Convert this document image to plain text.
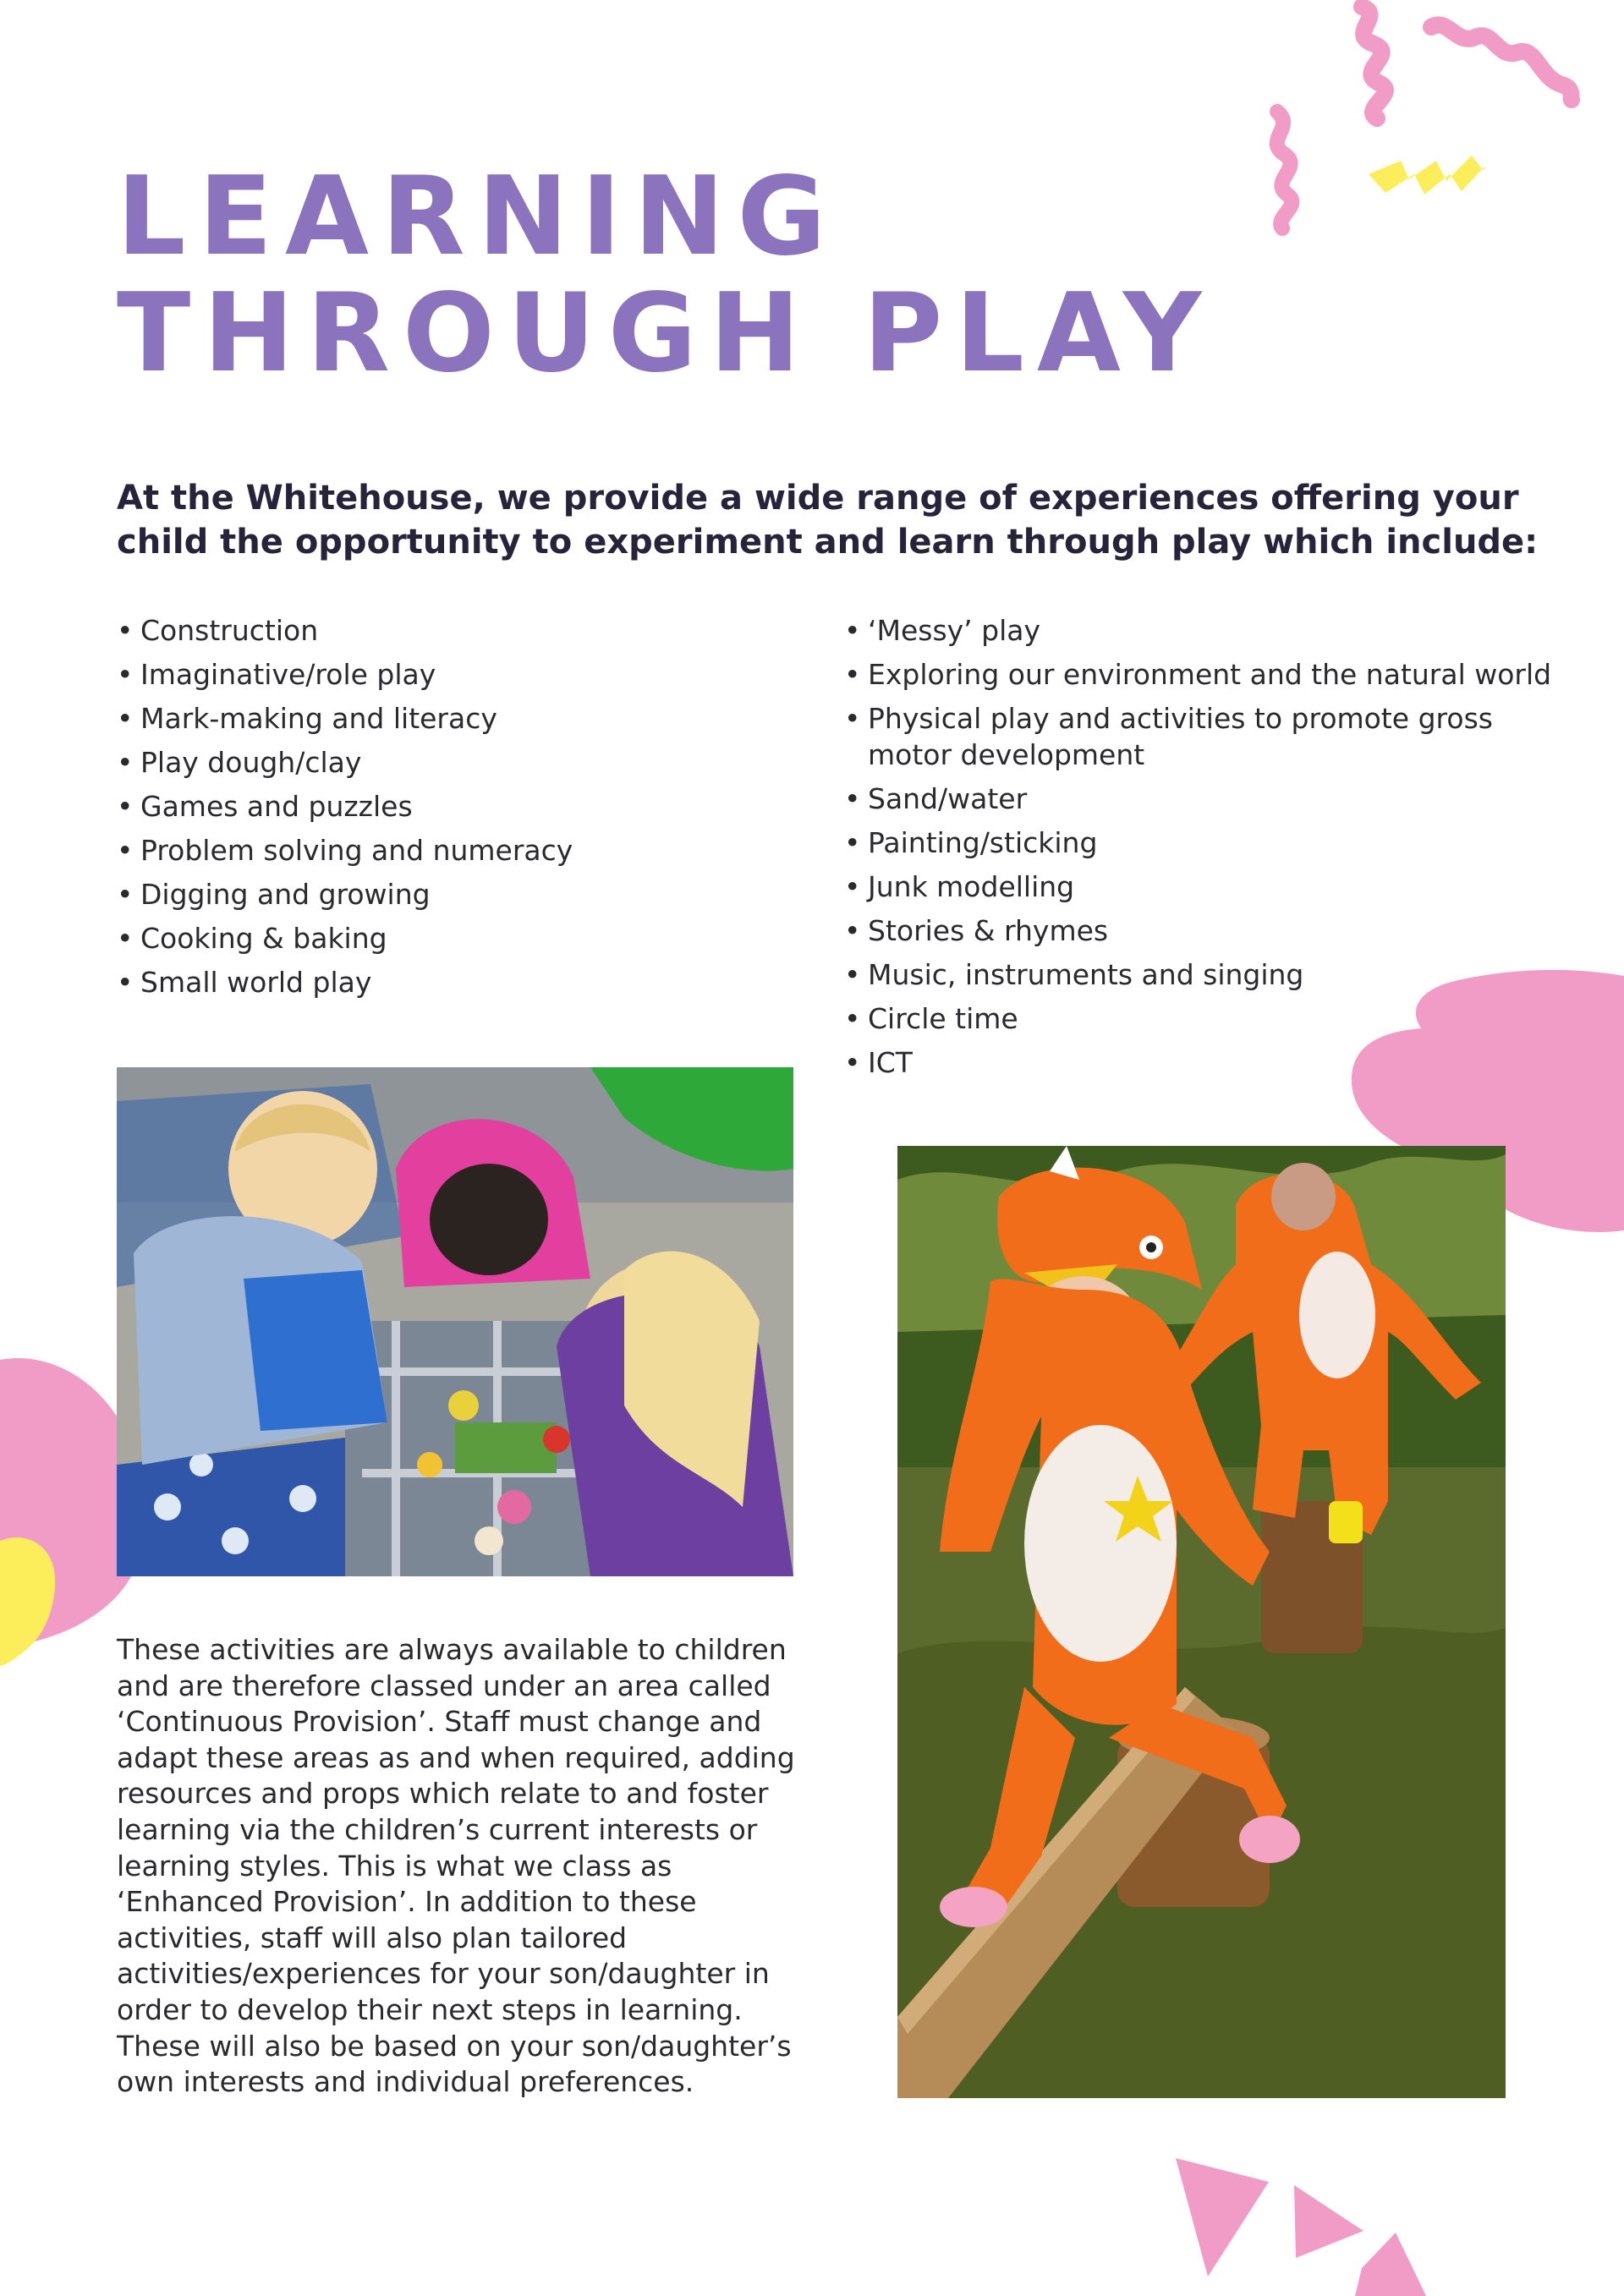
LEARNING
THROUGH PLAY

At the Whitehouse, we provide a wide range of experiences offering your child the opportunity to experiment and learn through play which include:

• Construction
• Imaginative/role play
• Mark-making and literacy
• Play dough/clay
• Games and puzzles
• Problem solving and numeracy
• Digging and growing
• Cooking & baking
• Small world play
• ‘Messy’ play
• Exploring our environment and the natural world
• Physical play and activities to promote gross motor development
• Sand/water
• Painting/sticking
• Junk modelling
• Stories & rhymes
• Music, instruments and singing
• Circle time
• ICT

These activities are always available to children and are therefore classed under an area called ‘Continuous Provision’. Staff must change and adapt these areas as and when required, adding resources and props which relate to and foster learning via the children’s current interests or learning styles. This is what we class as ‘Enhanced Provision’. In addition to these activities, staff will also plan tailored activities/experiences for your son/daughter in order to develop their next steps in learning. These will also be based on your son/daughter’s own interests and individual preferences.
